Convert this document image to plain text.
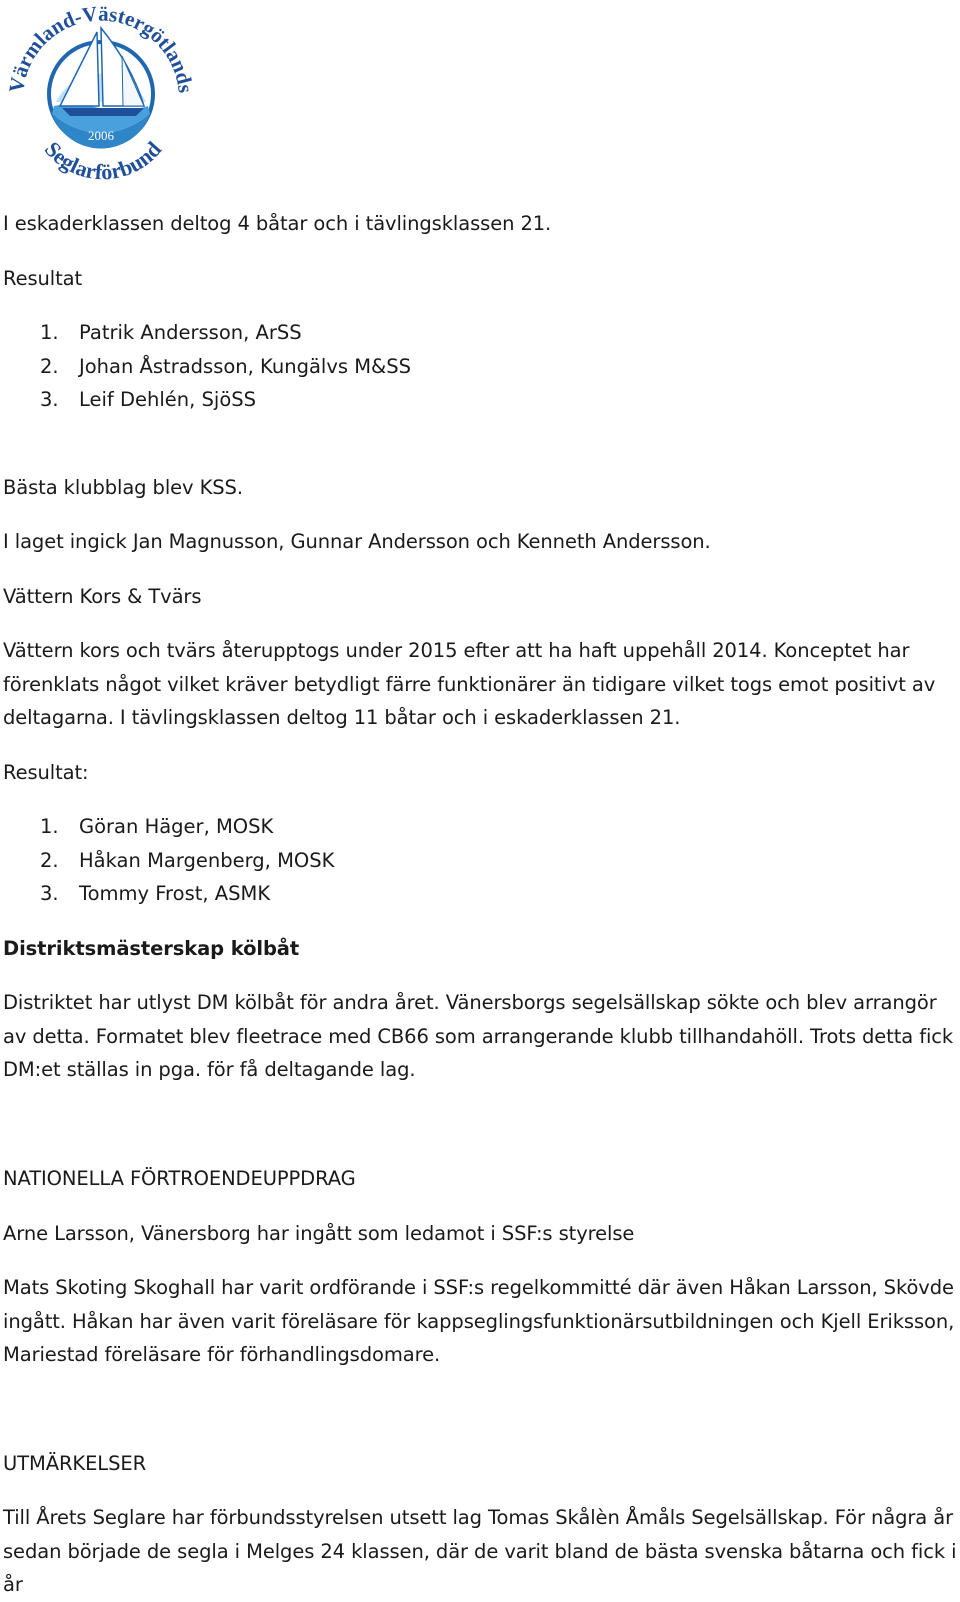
2006
Värmland-Västergötlands
Seglarförbund

I eskaderklassen deltog 4 båtar och i tävlingsklassen 21.

Resultat

1. Patrik Andersson, ArSS
2. Johan Åstradsson, Kungälvs M&SS
3. Leif Dehlén, SjöSS

Bästa klubblag blev KSS.

I laget ingick Jan Magnusson, Gunnar Andersson och Kenneth Andersson.

Vättern Kors & Tvärs

Vättern kors och tvärs återupptogs under 2015 efter att ha haft uppehåll 2014. Konceptet har förenklats något vilket kräver betydligt färre funktionärer än tidigare vilket togs emot positivt av deltagarna. I tävlingsklassen deltog 11 båtar och i eskaderklassen 21.

Resultat:

1. Göran Häger, MOSK
2. Håkan Margenberg, MOSK
3. Tommy Frost, ASMK

Distriktsmästerskap kölbåt

Distriktet har utlyst DM kölbåt för andra året. Vänersborgs segelsällskap sökte och blev arrangör av detta. Formatet blev fleetrace med CB66 som arrangerande klubb tillhandahöll. Trots detta fick DM:et ställas in pga. för få deltagande lag.

NATIONELLA FÖRTROENDEUPPDRAG

Arne Larsson, Vänersborg har ingått som ledamot i SSF:s styrelse

Mats Skoting Skoghall har varit ordförande i SSF:s regelkommitté där även Håkan Larsson, Skövde ingått. Håkan har även varit föreläsare för kappseglingsfunktionärsutbildningen och Kjell Eriksson, Mariestad föreläsare för förhandlingsdomare.

UTMÄRKELSER

Till Årets Seglare har förbundsstyrelsen utsett lag Tomas Skålèn Åmåls Segelsällskap. För några år sedan började de segla i Melges 24 klassen, där de varit bland de bästa svenska båtarna och fick i år
